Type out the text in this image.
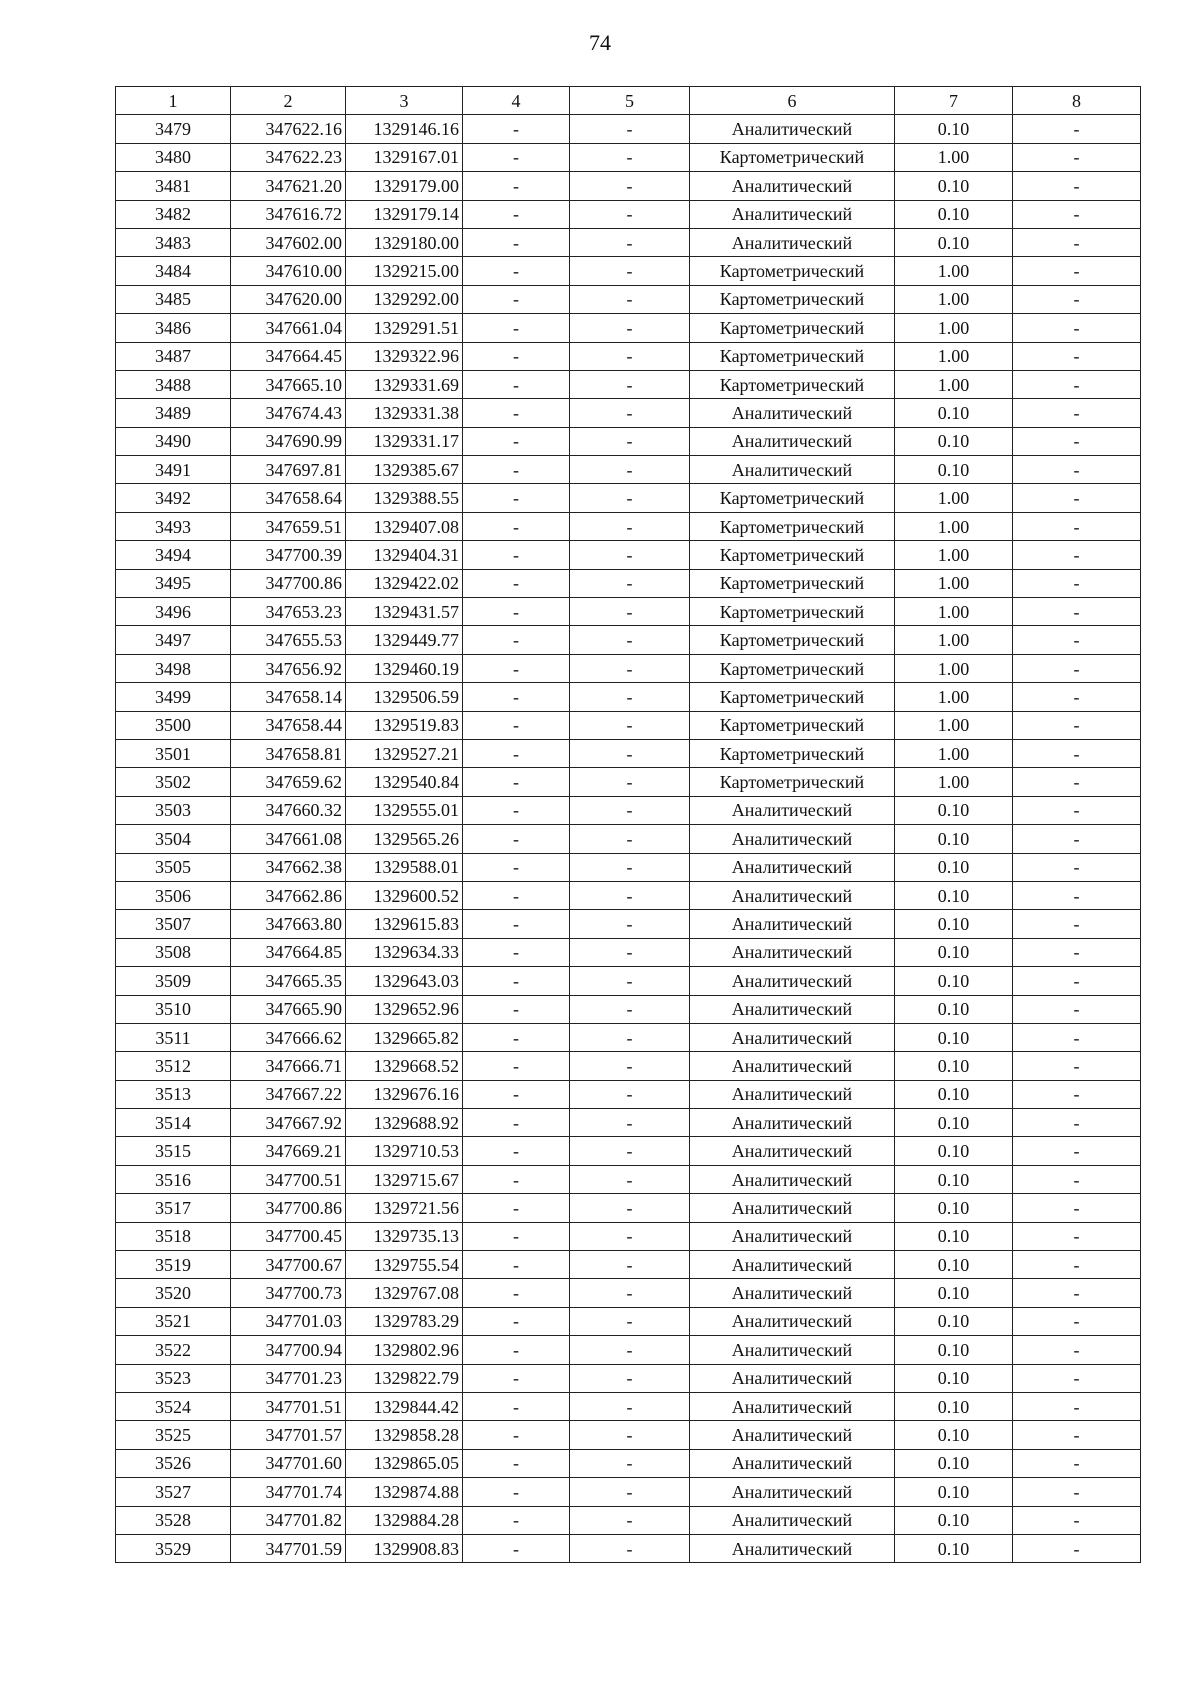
74
1	2	3	4	5	6	7	8
3479	347622.16	1329146.16	-	-	Аналитический	0.10	-
3480	347622.23	1329167.01	-	-	Картометрический	1.00	-
3481	347621.20	1329179.00	-	-	Аналитический	0.10	-
3482	347616.72	1329179.14	-	-	Аналитический	0.10	-
3483	347602.00	1329180.00	-	-	Аналитический	0.10	-
3484	347610.00	1329215.00	-	-	Картометрический	1.00	-
3485	347620.00	1329292.00	-	-	Картометрический	1.00	-
3486	347661.04	1329291.51	-	-	Картометрический	1.00	-
3487	347664.45	1329322.96	-	-	Картометрический	1.00	-
3488	347665.10	1329331.69	-	-	Картометрический	1.00	-
3489	347674.43	1329331.38	-	-	Аналитический	0.10	-
3490	347690.99	1329331.17	-	-	Аналитический	0.10	-
3491	347697.81	1329385.67	-	-	Аналитический	0.10	-
3492	347658.64	1329388.55	-	-	Картометрический	1.00	-
3493	347659.51	1329407.08	-	-	Картометрический	1.00	-
3494	347700.39	1329404.31	-	-	Картометрический	1.00	-
3495	347700.86	1329422.02	-	-	Картометрический	1.00	-
3496	347653.23	1329431.57	-	-	Картометрический	1.00	-
3497	347655.53	1329449.77	-	-	Картометрический	1.00	-
3498	347656.92	1329460.19	-	-	Картометрический	1.00	-
3499	347658.14	1329506.59	-	-	Картометрический	1.00	-
3500	347658.44	1329519.83	-	-	Картометрический	1.00	-
3501	347658.81	1329527.21	-	-	Картометрический	1.00	-
3502	347659.62	1329540.84	-	-	Картометрический	1.00	-
3503	347660.32	1329555.01	-	-	Аналитический	0.10	-
3504	347661.08	1329565.26	-	-	Аналитический	0.10	-
3505	347662.38	1329588.01	-	-	Аналитический	0.10	-
3506	347662.86	1329600.52	-	-	Аналитический	0.10	-
3507	347663.80	1329615.83	-	-	Аналитический	0.10	-
3508	347664.85	1329634.33	-	-	Аналитический	0.10	-
3509	347665.35	1329643.03	-	-	Аналитический	0.10	-
3510	347665.90	1329652.96	-	-	Аналитический	0.10	-
3511	347666.62	1329665.82	-	-	Аналитический	0.10	-
3512	347666.71	1329668.52	-	-	Аналитический	0.10	-
3513	347667.22	1329676.16	-	-	Аналитический	0.10	-
3514	347667.92	1329688.92	-	-	Аналитический	0.10	-
3515	347669.21	1329710.53	-	-	Аналитический	0.10	-
3516	347700.51	1329715.67	-	-	Аналитический	0.10	-
3517	347700.86	1329721.56	-	-	Аналитический	0.10	-
3518	347700.45	1329735.13	-	-	Аналитический	0.10	-
3519	347700.67	1329755.54	-	-	Аналитический	0.10	-
3520	347700.73	1329767.08	-	-	Аналитический	0.10	-
3521	347701.03	1329783.29	-	-	Аналитический	0.10	-
3522	347700.94	1329802.96	-	-	Аналитический	0.10	-
3523	347701.23	1329822.79	-	-	Аналитический	0.10	-
3524	347701.51	1329844.42	-	-	Аналитический	0.10	-
3525	347701.57	1329858.28	-	-	Аналитический	0.10	-
3526	347701.60	1329865.05	-	-	Аналитический	0.10	-
3527	347701.74	1329874.88	-	-	Аналитический	0.10	-
3528	347701.82	1329884.28	-	-	Аналитический	0.10	-
3529	347701.59	1329908.83	-	-	Аналитический	0.10	-
